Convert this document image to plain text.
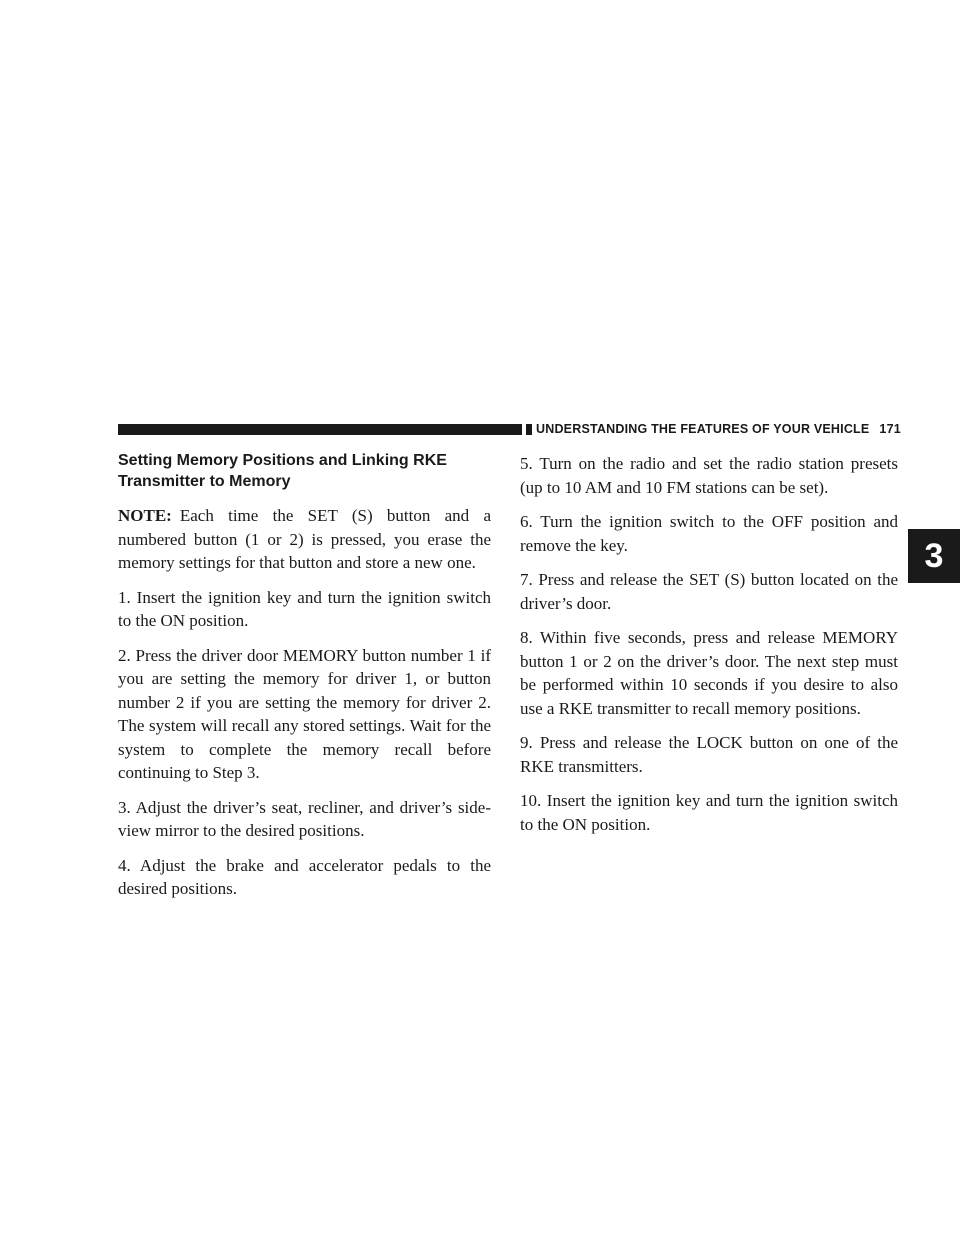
UNDERSTANDING THE FEATURES OF YOUR VEHICLE 171
3
Setting Memory Positions and Linking RKE Transmitter to Memory

NOTE: Each time the SET (S) button and a numbered button (1 or 2) is pressed, you erase the memory settings for that button and store a new one.

1. Insert the ignition key and turn the ignition switch to the ON position.

2. Press the driver door MEMORY button number 1 if you are setting the memory for driver 1, or button number 2 if you are setting the memory for driver 2. The system will recall any stored settings. Wait for the system to complete the memory recall before continuing to Step 3.

3. Adjust the driver’s seat, recliner, and driver’s side-view mirror to the desired positions.

4. Adjust the brake and accelerator pedals to the desired positions.

5. Turn on the radio and set the radio station presets (up to 10 AM and 10 FM stations can be set).

6. Turn the ignition switch to the OFF position and remove the key.

7. Press and release the SET (S) button located on the driver’s door.

8. Within five seconds, press and release MEMORY button 1 or 2 on the driver’s door. The next step must be performed within 10 seconds if you desire to also use a RKE transmitter to recall memory positions.

9. Press and release the LOCK button on one of the RKE transmitters.

10. Insert the ignition key and turn the ignition switch to the ON position.
